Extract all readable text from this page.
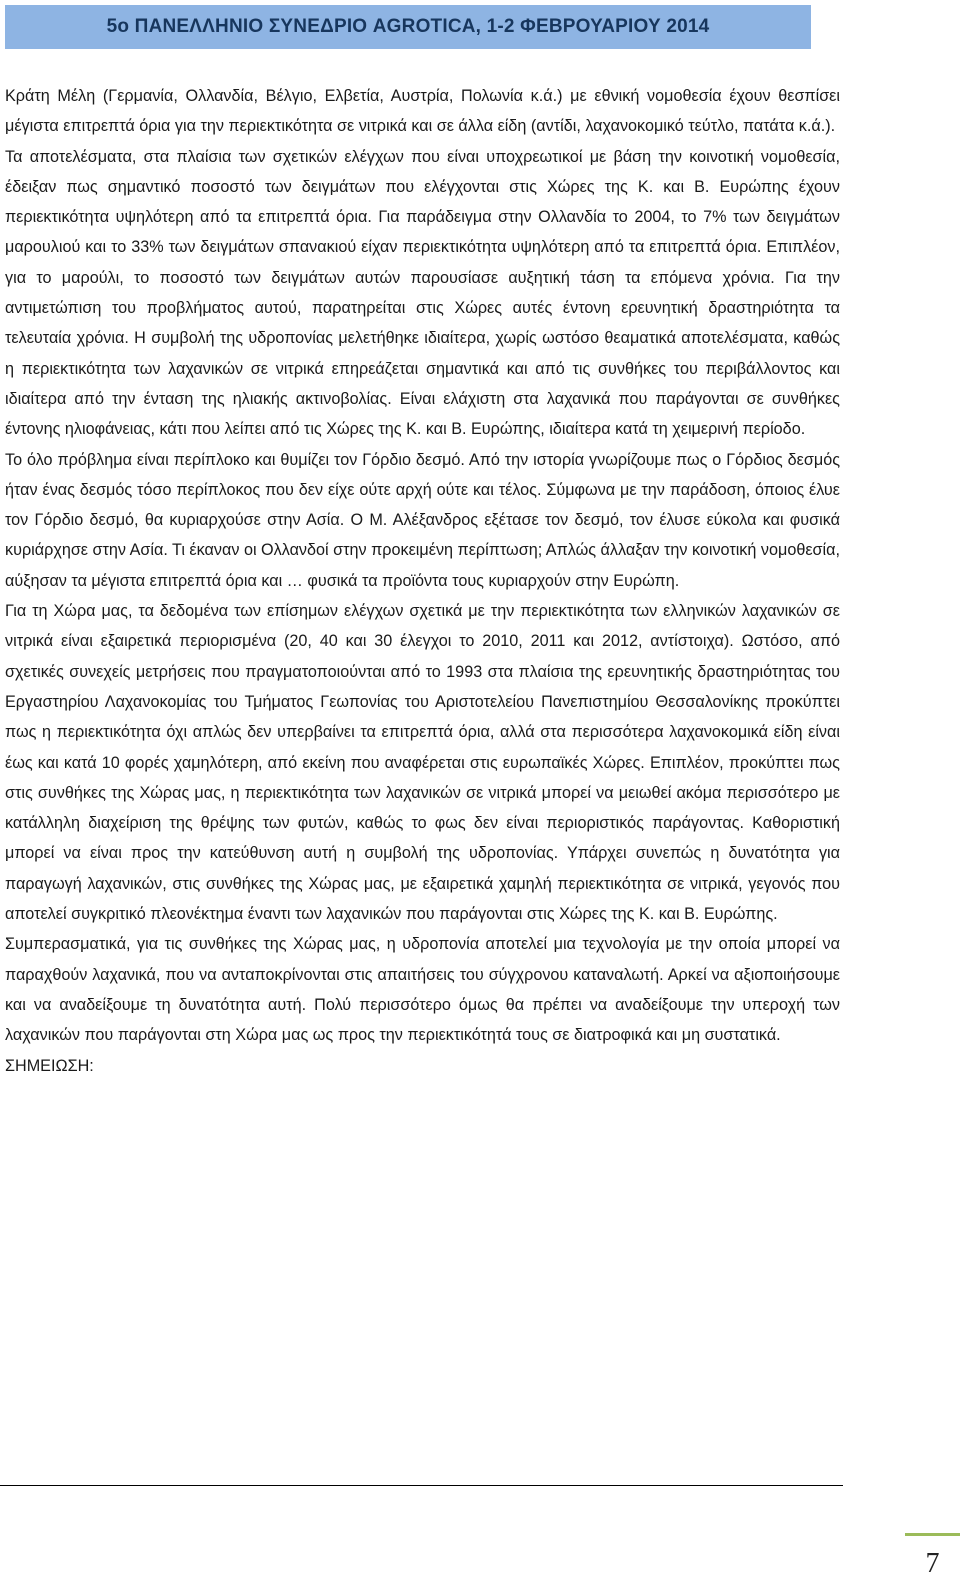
5o ΠΑΝΕΛΛΗΝΙΟ ΣΥΝΕΔΡΙΟ AGROTICA, 1-2 ΦΕΒΡΟΥΑΡΙΟΥ 2014

Κράτη Μέλη (Γερμανία, Ολλανδία, Βέλγιο, Ελβετία, Αυστρία, Πολωνία κ.ά.) με εθνική νομοθεσία έχουν θεσπίσει μέγιστα επιτρεπτά όρια για την περιεκτικότητα σε νιτρικά και σε άλλα είδη (αντίδι, λαχανοκομικό τεύτλο, πατάτα κ.ά.).

Τα αποτελέσματα, στα πλαίσια των σχετικών ελέγχων που είναι υποχρεωτικοί με βάση την κοινοτική νομοθεσία, έδειξαν πως σημαντικό ποσοστό των δειγμάτων που ελέγχονται στις Χώρες της Κ. και Β. Ευρώπης έχουν περιεκτικότητα υψηλότερη από τα επιτρεπτά όρια. Για παράδειγμα στην Ολλανδία το 2004, το 7% των δειγμάτων μαρουλιού και το 33% των δειγμάτων σπανακιού είχαν περιεκτικότητα υψηλότερη από τα επιτρεπτά όρια. Επιπλέον, για το μαρούλι, το ποσοστό των δειγμάτων αυτών παρουσίασε αυξητική τάση τα επόμενα χρόνια. Για την αντιμετώπιση του προβλήματος αυτού, παρατηρείται στις Χώρες αυτές έντονη ερευνητική δραστηριότητα τα τελευταία χρόνια. Η συμβολή της υδροπονίας μελετήθηκε ιδιαίτερα, χωρίς ωστόσο θεαματικά αποτελέσματα, καθώς η περιεκτικότητα των λαχανικών σε νιτρικά επηρεάζεται σημαντικά και από τις συνθήκες του περιβάλλοντος και ιδιαίτερα από την ένταση της ηλιακής ακτινοβολίας. Είναι ελάχιστη στα λαχανικά που παράγονται σε συνθήκες έντονης ηλιοφάνειας, κάτι που λείπει από τις Χώρες της Κ. και Β. Ευρώπης, ιδιαίτερα κατά τη χειμερινή περίοδο.

Το όλο πρόβλημα είναι περίπλοκο και θυμίζει τον Γόρδιο δεσμό. Από την ιστορία γνωρίζουμε πως ο Γόρδιος δεσμός ήταν ένας δεσμός τόσο περίπλοκος που δεν είχε ούτε αρχή ούτε και τέλος. Σύμφωνα με την παράδοση, όποιος έλυε τον Γόρδιο δεσμό, θα κυριαρχούσε στην Ασία. Ο Μ. Αλέξανδρος εξέτασε τον δεσμό, τον έλυσε εύκολα και φυσικά κυριάρχησε στην Ασία. Τι έκαναν οι Ολλανδοί στην προκειμένη περίπτωση; Απλώς άλλαξαν την κοινοτική νομοθεσία, αύξησαν τα μέγιστα επιτρεπτά όρια και … φυσικά τα προϊόντα τους κυριαρχούν στην Ευρώπη.

Για τη Χώρα μας, τα δεδομένα των επίσημων ελέγχων σχετικά με την περιεκτικότητα των ελληνικών λαχανικών σε νιτρικά είναι εξαιρετικά περιορισμένα (20, 40 και 30 έλεγχοι το 2010, 2011 και 2012, αντίστοιχα). Ωστόσο, από σχετικές συνεχείς μετρήσεις που πραγματοποιούνται από το 1993 στα πλαίσια της ερευνητικής δραστηριότητας του Εργαστηρίου Λαχανοκομίας του Τμήματος Γεωπονίας του Αριστοτελείου Πανεπιστημίου Θεσσαλονίκης προκύπτει πως η περιεκτικότητα όχι απλώς δεν υπερβαίνει τα επιτρεπτά όρια, αλλά στα περισσότερα λαχανοκομικά είδη είναι έως και κατά 10 φορές χαμηλότερη, από εκείνη που αναφέρεται στις ευρωπαϊκές Χώρες. Επιπλέον, προκύπτει πως στις συνθήκες της Χώρας μας, η περιεκτικότητα των λαχανικών σε νιτρικά μπορεί να μειωθεί ακόμα περισσότερο με κατάλληλη διαχείριση της θρέψης των φυτών, καθώς το φως δεν είναι περιοριστικός παράγοντας. Καθοριστική μπορεί να είναι προς την κατεύθυνση αυτή η συμβολή της υδροπονίας. Υπάρχει συνεπώς η δυνατότητα για παραγωγή λαχανικών, στις συνθήκες της Χώρας μας, με εξαιρετικά χαμηλή περιεκτικότητα σε νιτρικά, γεγονός που αποτελεί συγκριτικό πλεονέκτημα έναντι των λαχανικών που παράγονται στις Χώρες της Κ. και Β. Ευρώπης.

Συμπερασματικά, για τις συνθήκες της Χώρας μας, η υδροπονία αποτελεί μια τεχνολογία με την οποία μπορεί να παραχθούν λαχανικά, που να ανταποκρίνονται στις απαιτήσεις του σύγχρονου καταναλωτή. Αρκεί να αξιοποιήσουμε και να αναδείξουμε τη δυνατότητα αυτή. Πολύ περισσότερο όμως θα πρέπει να αναδείξουμε την υπεροχή των λαχανικών που παράγονται στη Χώρα μας ως προς την περιεκτικότητά τους σε διατροφικά και μη συστατικά.

ΣΗΜΕΙΩΣΗ:

7
